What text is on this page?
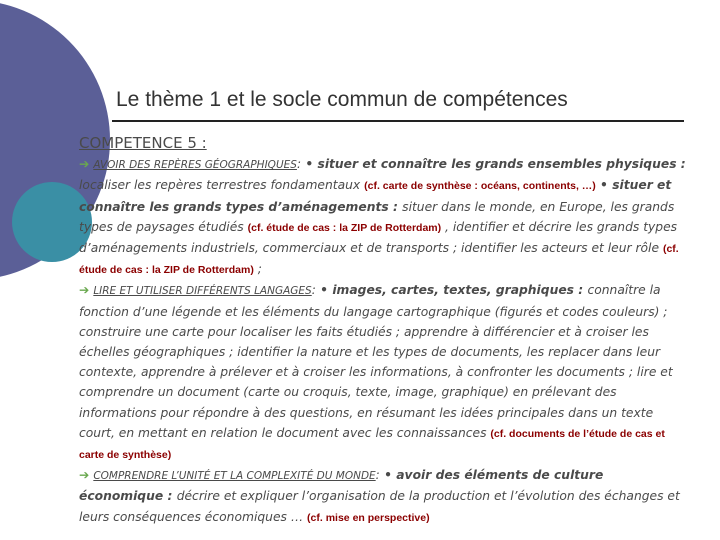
Le thème 1 et le socle commun de compétences

COMPETENCE 5 :

➔ AVOIR DES REPÈRES GÉOGRAPHIQUES: • situer et connaître les grands ensembles physiques : localiser les repères terrestres fondamentaux (cf. carte de synthèse : océans, continents, …) • situer et connaître les grands types d’aménagements : situer dans le monde, en Europe, les grands types de paysages étudiés (cf. étude de cas : la ZIP de Rotterdam) , identifier et décrire les grands types d’aménagements industriels, commerciaux et de transports ; identifier les acteurs et leur rôle (cf. étude de cas : la ZIP de Rotterdam) ;

➔ LIRE ET UTILISER DIFFÉRENTS LANGAGES: • images, cartes, textes, graphiques : connaître la fonction d’une légende et les éléments du langage cartographique (figurés et codes couleurs) ; construire une carte pour localiser les faits étudiés ; apprendre à différencier et à croiser les échelles géographiques ; identifier la nature et les types de documents, les replacer dans leur contexte, apprendre à prélever et à croiser les informations, à confronter les documents ; lire et comprendre un document (carte ou croquis, texte, image, graphique) en prélevant des informations pour répondre à des questions, en résumant les idées principales dans un texte court, en mettant en relation le document avec les connaissances (cf. documents de l’étude de cas et carte de synthèse)

➔ COMPRENDRE L’UNITÉ ET LA COMPLEXITÉ DU MONDE: • avoir des éléments de culture économique : décrire et expliquer l’organisation de la production et l’évolution des échanges et leurs conséquences économiques … (cf. mise en perspective)
